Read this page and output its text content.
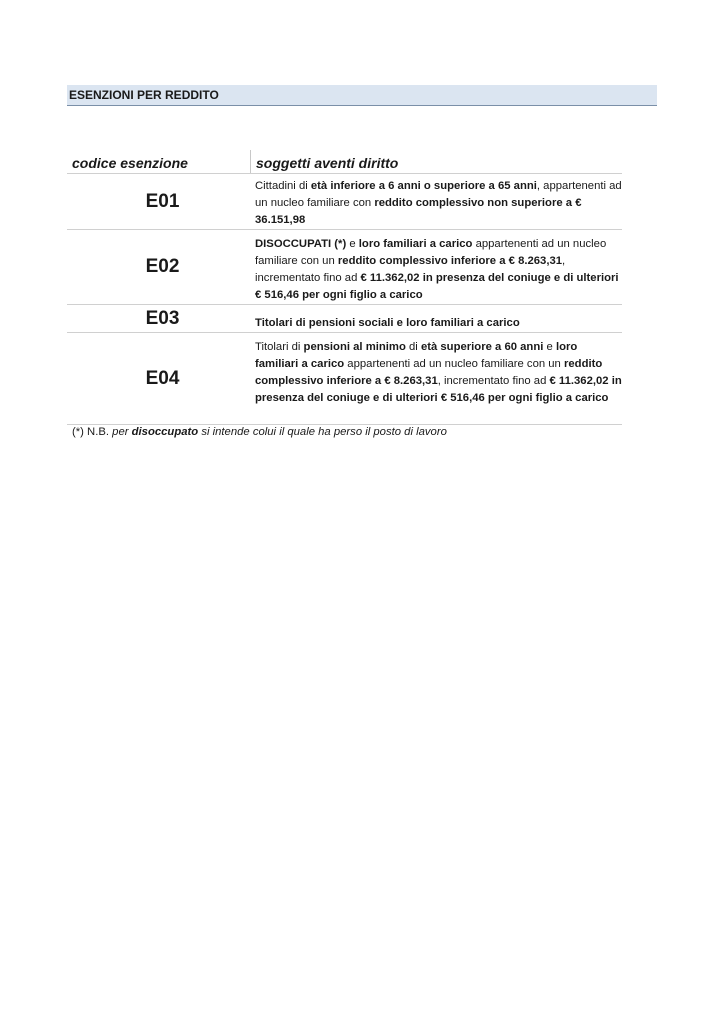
ESENZIONI PER REDDITO
codice esenzione	soggetti aventi diritto
E01
Cittadini di età inferiore a 6 anni o superiore a 65 anni, appartenenti ad un nucleo familiare con reddito complessivo non superiore a € 36.151,98
E02
DISOCCUPATI (*) e loro familiari a carico appartenenti ad un nucleo familiare con un reddito complessivo inferiore a € 8.263,31, incrementato fino ad € 11.362,02 in presenza del coniuge e di ulteriori € 516,46 per ogni figlio a carico
E03	Titolari di pensioni sociali e loro familiari a carico
E04
Titolari di pensioni al minimo di età superiore a 60 anni e loro familiari a carico appartenenti ad un nucleo familiare con un reddito complessivo inferiore a € 8.263,31, incrementato fino ad € 11.362,02 in presenza del coniuge e di ulteriori € 516,46 per ogni figlio a carico
(*) N.B. per disoccupato si intende colui il quale ha perso il posto di lavoro
